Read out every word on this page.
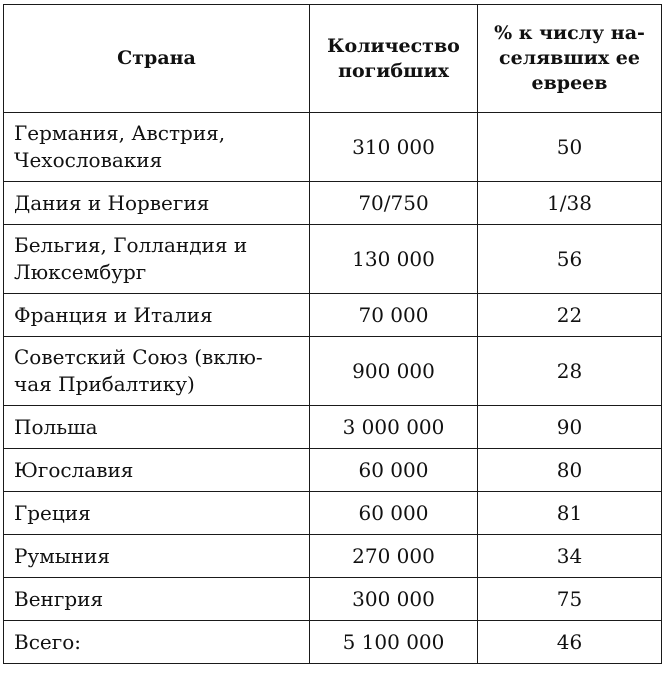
Страна	Количество погибших	% к числу на-селявших ее евреев
Германия, Австрия, Чехословакия	310 000	50
Дания и Норвегия	70/750	1/38
Бельгия, Голландия и Люксембург	130 000	56
Франция и Италия	70 000	22
Советский Союз (вклю-чая Прибалтику)	900 000	28
Польша	3 000 000	90
Югославия	60 000	80
Греция	60 000	81
Румыния	270 000	34
Венгрия	300 000	75
Всего:	5 100 000	46
